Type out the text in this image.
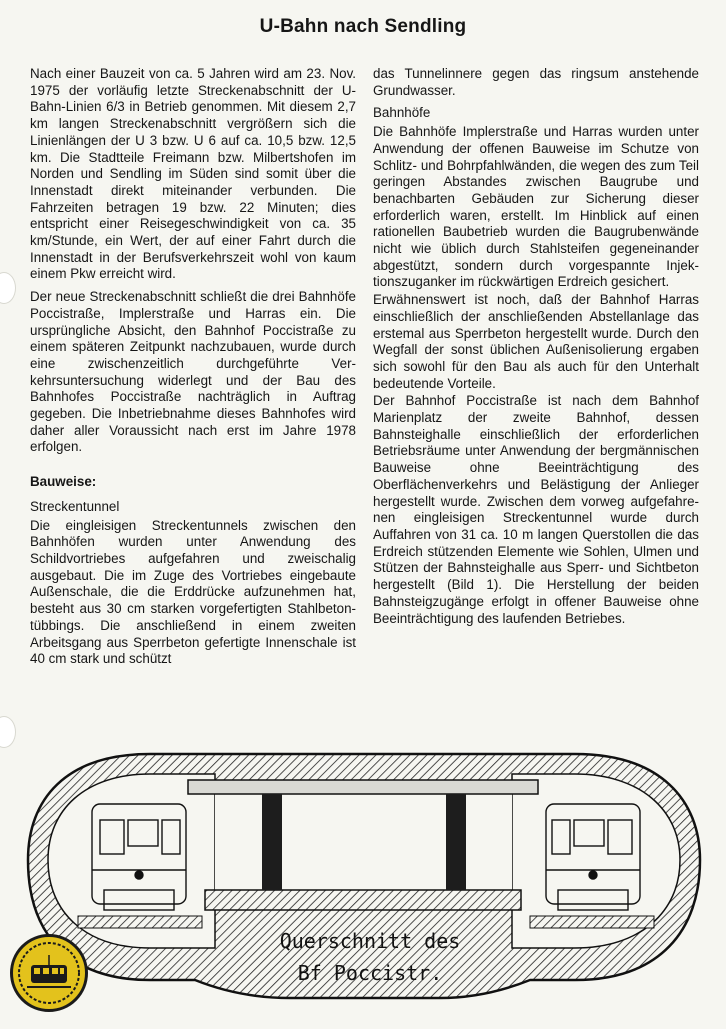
U-Bahn nach Sendling

Nach einer Bauzeit von ca. 5 Jahren wird am 23. Nov. 1975 der vorläufig letzte Streckenabschnitt der U-Bahn-Linien 6/3 in Betrieb genommen. Mit diesem 2,7 km langen Streckenabschnitt vergrößern sich die Linienlängen der U 3 bzw. U 6 auf ca. 10,5 bzw. 12,5 km. Die Stadtteile Freimann bzw. Milbertshofen im Norden und Sendling im Süden sind somit über die Innenstadt direkt miteinander verbunden. Die Fahrzeiten betragen 19 bzw. 22 Minuten; dies entspricht einer Reisegeschwindigkeit von ca. 35 km/Stunde, ein Wert, der auf einer Fahrt durch die Innenstadt in der Berufsverkehrszeit wohl von kaum einem Pkw erreicht wird.

Der neue Streckenabschnitt schließt die drei Bahnhöfe Poccistraße, Implerstraße und Harras ein. Die ursprüngliche Absicht, den Bahnhof Poccistraße zu einem späteren Zeitpunkt nachzubauen, wurde durch eine zwischenzeitlich durchgeführte Verkehrsuntersuchung widerlegt und der Bau des Bahnhofes Poccistraße nachträglich in Auftrag gegeben. Die Inbetriebnahme dieses Bahnhofes wird daher aller Voraussicht nach erst im Jahre 1978 erfolgen.

Bauweise:
Streckentunnel

Die eingleisigen Streckentunnels zwischen den Bahnhöfen wurden unter Anwendung des Schildvortriebes aufgefahren und zweischalig ausgebaut. Die im Zuge des Vortriebes eingebaute Außenschale, die die Erddrücke aufzunehmen hat, besteht aus 30 cm starken vorgefertigten Stahlbetontübbings. Die anschließend in einem zweiten Arbeitsgang aus Sperrbeton gefertigte Innenschale ist 40 cm stark und schützt

das Tunnelinnere gegen das ringsum anstehende Grundwasser.

Bahnhöfe

Die Bahnhöfe Implerstraße und Harras wurden unter Anwendung der offenen Bauweise im Schutze von Schlitz- und Bohrpfahlwänden, die wegen des zum Teil geringen Abstandes zwischen Baugrube und benachbarten Gebäuden zur Sicherung dieser erforderlich waren, erstellt. Im Hinblick auf einen rationellen Baubetrieb wurden die Baugrubenwände nicht wie üblich durch Stahlsteifen gegeneinander abgestützt, sondern durch vorgespannte Injektionszuganker im rückwärtigen Erdreich gesichert.

Erwähnenswert ist noch, daß der Bahnhof Harras einschließlich der anschließenden Abstellanlage das erstemal aus Sperrbeton hergestellt wurde. Durch den Wegfall der sonst üblichen Außenisolierung ergaben sich sowohl für den Bau als auch für den Unterhalt bedeutende Vorteile.

Der Bahnhof Poccistraße ist nach dem Bahnhof Marienplatz der zweite Bahnhof, dessen Bahnsteighalle einschließlich der erforderlichen Betriebsräume unter Anwendung der bergmännischen Bauweise ohne Beeinträchtigung des Oberflächenverkehrs und Belästigung der Anlieger hergestellt wurde. Zwischen dem vorweg aufgefahrenen eingleisigen Streckentunnel wurde durch Auffahren von 31 ca. 10 m langen Querstollen die das Erdreich stützenden Elemente wie Sohlen, Ulmen und Stützen der Bahnsteighalle aus Sperr- und Sichtbeton hergestellt (Bild 1). Die Herstellung der beiden Bahnsteigzugänge erfolgt in offener Bauweise ohne Beeinträchtigung des laufenden Betriebes.

Querschnitt des
Bf Poccistr.
